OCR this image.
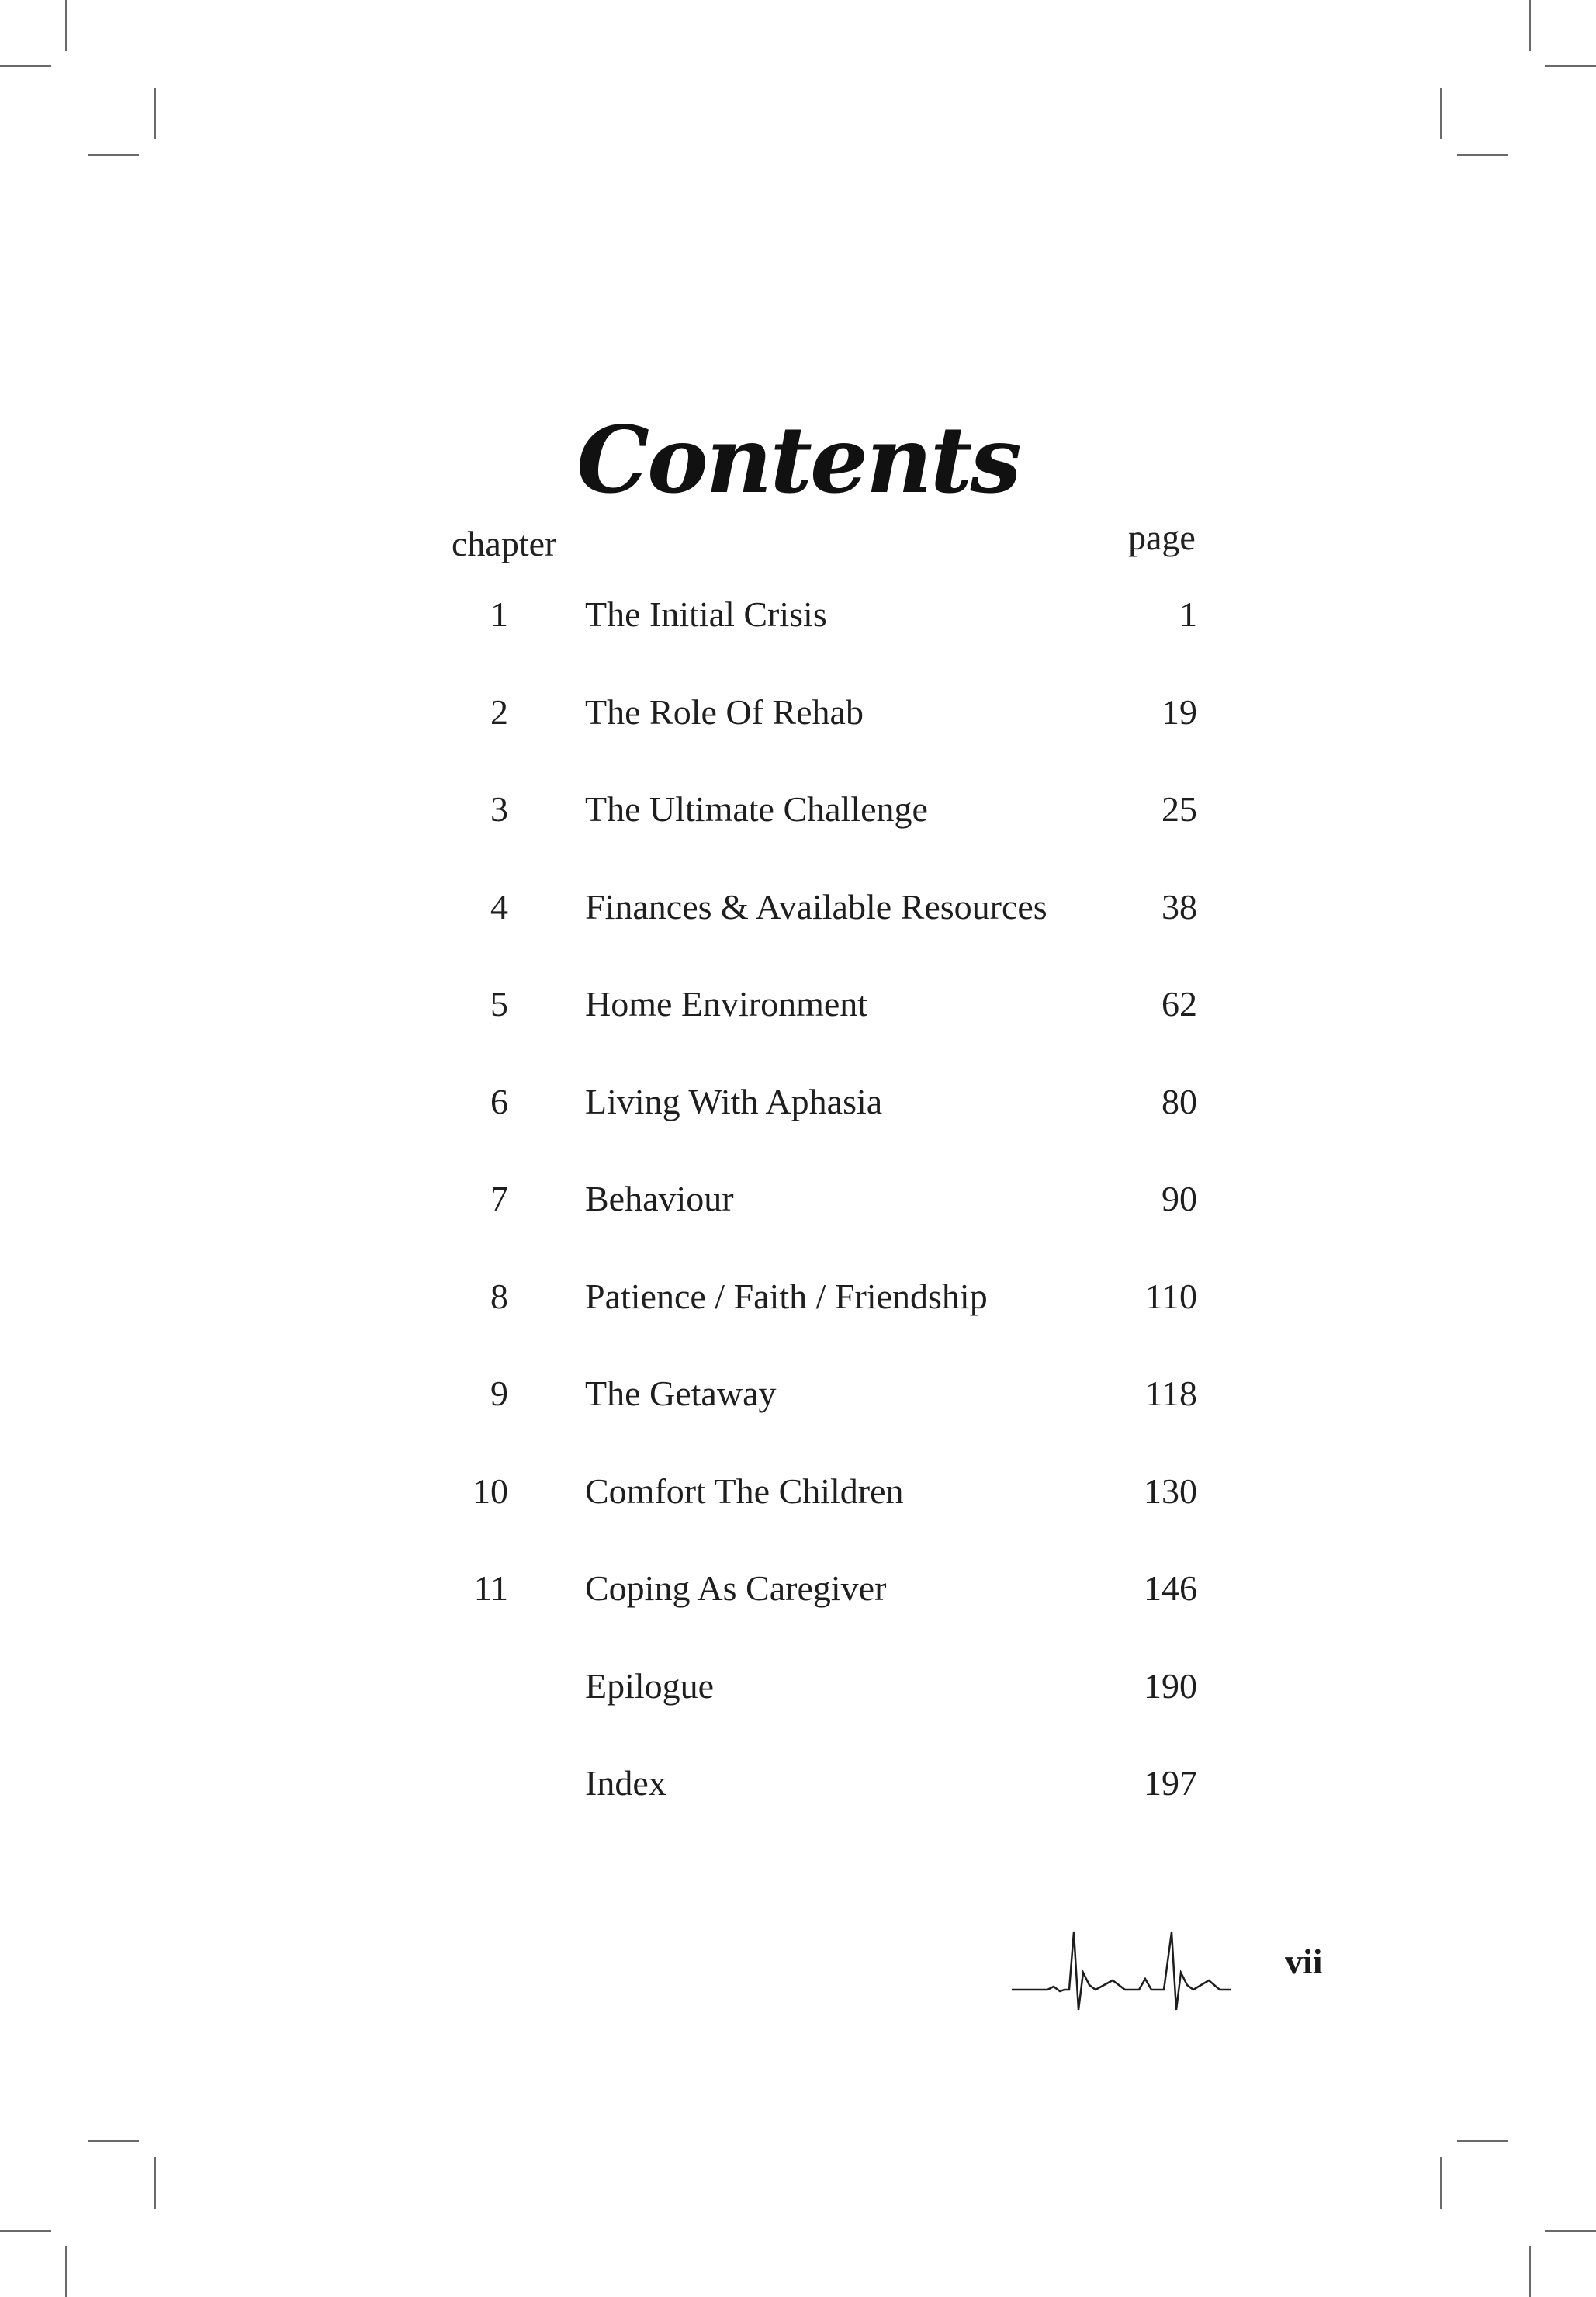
Contents
chapter	page
1 The Initial Crisis	1
2 The Role Of Rehab	19
3 The Ultimate Challenge	25
4 Finances & Available Resources	38
5 Home Environment	62
6 Living With Aphasia	80
7 Behaviour	90
8 Patience / Faith / Friendship	110
9 The Getaway	118
10 Comfort The Children	130
11 Coping As Caregiver	146
Epilogue	190
Index	197
vii
